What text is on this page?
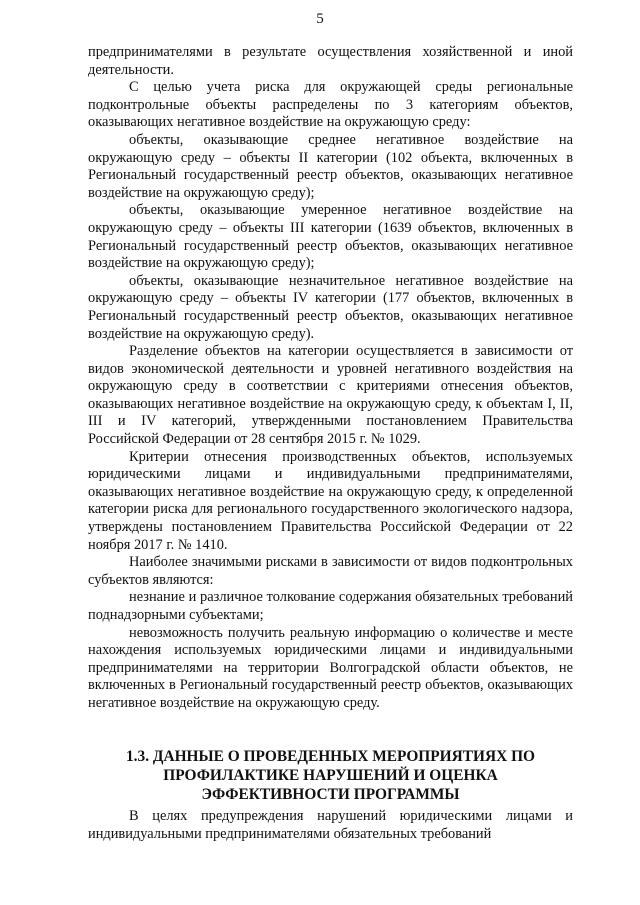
5

предпринимателями в результате осуществления хозяйственной и иной деятельности.

С целью учета риска для окружающей среды региональные подконтрольные объекты распределены по 3 категориям объектов, оказывающих негативное воздействие на окружающую среду:

объекты, оказывающие среднее негативное воздействие на окружающую среду – объекты II категории (102 объекта, включенных в Региональный государственный реестр объектов, оказывающих негативное воздействие на окружающую среду);

объекты, оказывающие умеренное негативное воздействие на окружающую среду – объекты III категории (1639 объектов, включенных в Региональный государственный реестр объектов, оказывающих негативное воздействие на окружающую среду);

объекты, оказывающие незначительное негативное воздействие на окружающую среду – объекты IV категории (177 объектов, включенных в Региональный государственный реестр объектов, оказывающих негативное воздействие на окружающую среду).

Разделение объектов на категории осуществляется в зависимости от видов экономической деятельности и уровней негативного воздействия на окружающую среду в соответствии с критериями отнесения объектов, оказывающих негативное воздействие на окружающую среду, к объектам I, II, III и IV категорий, утвержденными постановлением Правительства Российской Федерации от 28 сентября 2015 г. № 1029.

Критерии отнесения производственных объектов, используемых юридическими лицами и индивидуальными предпринимателями, оказывающих негативное воздействие на окружающую среду, к определенной категории риска для регионального государственного экологического надзора, утверждены постановлением Правительства Российской Федерации от 22 ноября 2017 г. № 1410.

Наиболее значимыми рисками в зависимости от видов подконтрольных субъектов являются:

незнание и различное толкование содержания обязательных требований поднадзорными субъектами;

невозможность получить реальную информацию о количестве и месте нахождения используемых юридическими лицами и индивидуальными предпринимателями на территории Волгоградской области объектов, не включенных в Региональный государственный реестр объектов, оказывающих негативное воздействие на окружающую среду.

1.3. ДАННЫЕ О ПРОВЕДЕННЫХ МЕРОПРИЯТИЯХ ПО ПРОФИЛАКТИКЕ НАРУШЕНИЙ И ОЦЕНКА ЭФФЕКТИВНОСТИ ПРОГРАММЫ

В целях предупреждения нарушений юридическими лицами и индивидуальными предпринимателями обязательных требований
